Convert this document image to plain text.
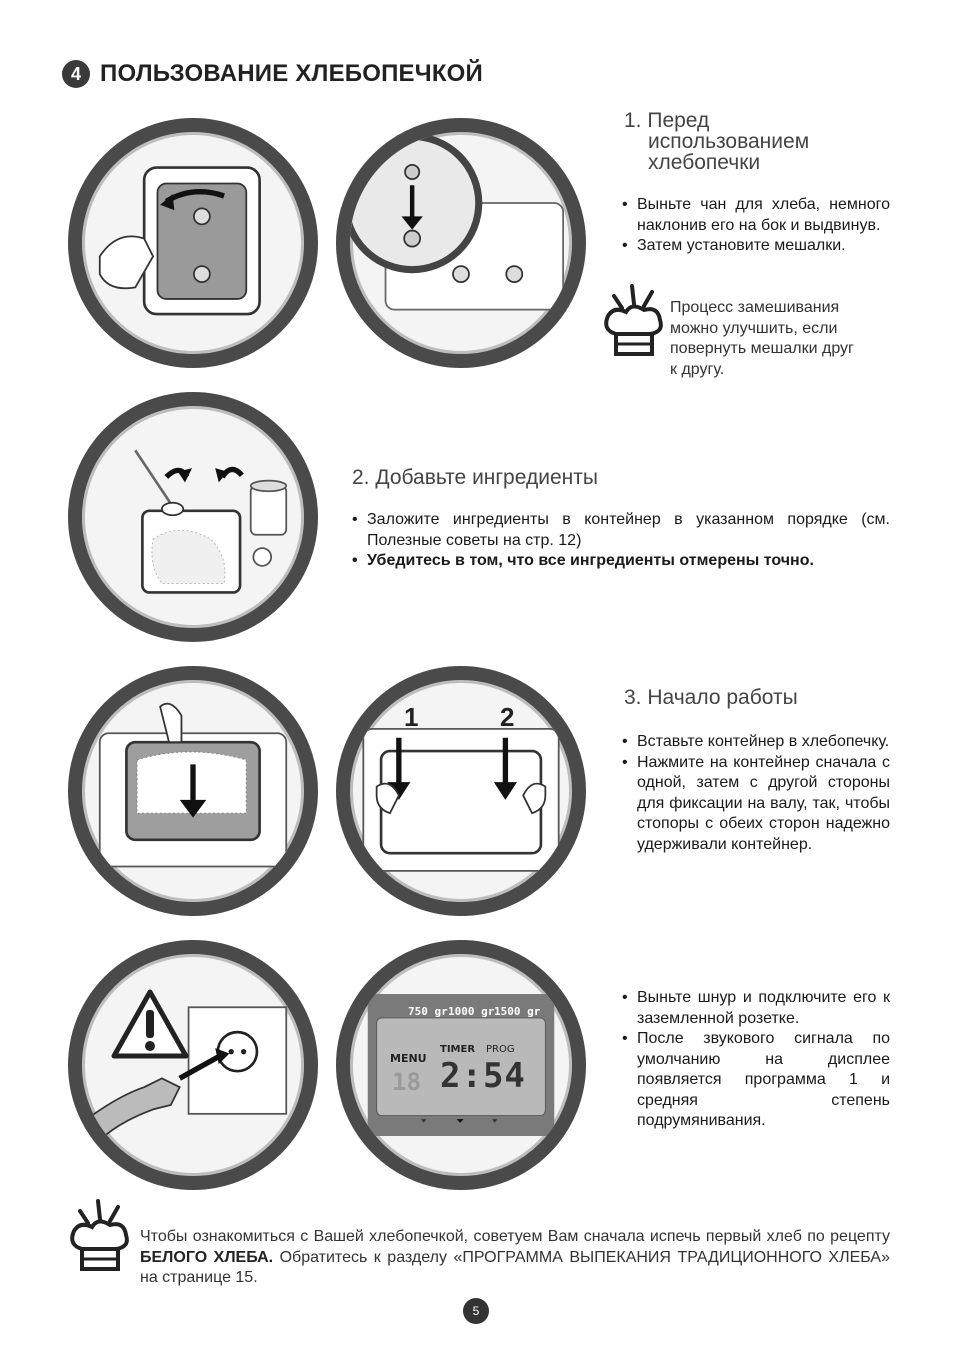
4 ПОЛЬЗОВАНИЕ ХЛЕБОПЕЧКОЙ
1. Перед
использованием
хлебопечки
• Выньте чан для хлеба, немного наклонив его на бок и выдвинув.
• Затем установите мешалки.
Процесс замешивания
можно улучшить, если
повернуть мешалки друг
к другу.
2. Добавьте ингредиенты
• Заложите ингредиенты в контейнер в указанном порядке (см. Полезные советы на стр. 12)
• Убедитесь в том, что все ингредиенты отмерены точно.
1	2
3. Начало работы
• Вставьте контейнер в хлебопечку.
• Нажмите на контейнер сначала с одной, затем с другой стороны для фиксации на валу, так, чтобы стопоры с обеих сторон надежно удерживали контейнер.
750 gr 1000 gr 1500 gr
MENU
TIMER PROG
18 2:54
• Выньте шнур и подключите его к заземленной розетке.
• После звукового сигнала по умолчанию на дисплее появляется программа 1 и средняя степень подрумянивания.
Чтобы ознакомиться с Вашей хлебопечкой, советуем Вам сначала испечь первый хлеб по рецепту БЕЛОГО ХЛЕБА. Обратитесь к разделу «ПРОГРАММА ВЫПЕКАНИЯ ТРАДИЦИОННОГО ХЛЕБА» на странице 15.
5
